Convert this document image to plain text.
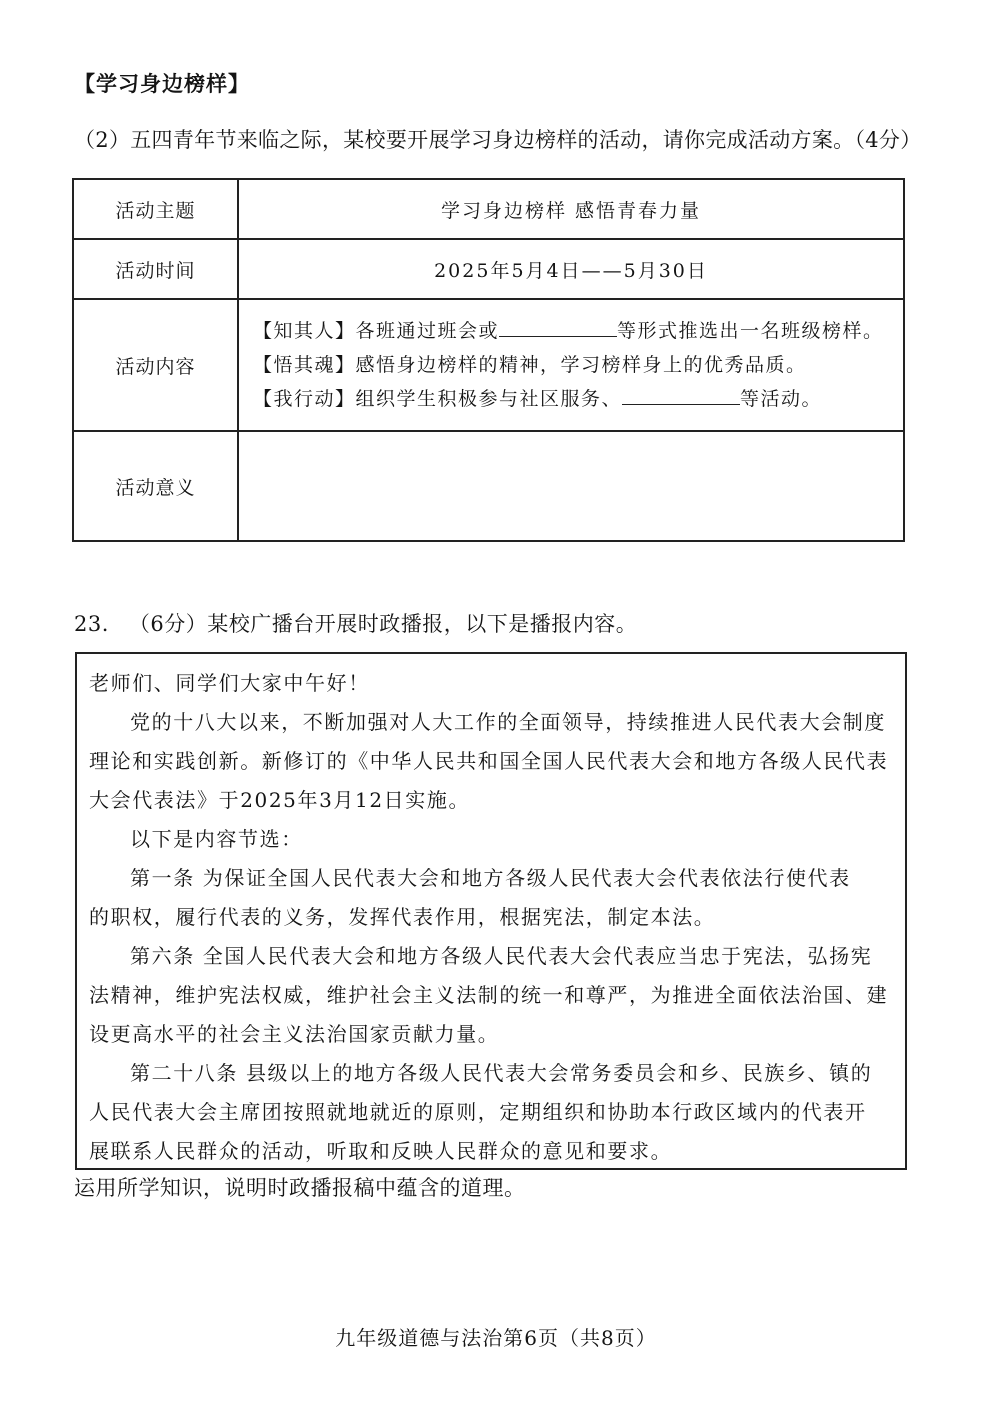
【学习身边榜样】
（2）五四青年节来临之际，某校要开展学习身边榜样的活动，请你完成活动方案。（4分）
活动主题	学习身边榜样 感悟青春力量
活动时间	2025年5月4日——5月30日
活动内容	【知其人】各班通过班会或 等形式推选出一名班级榜样。
【悟其魂】感悟身边榜样的精神，学习榜样身上的优秀品质。
【我行动】组织学生积极参与社区服务、 等活动。

活动意义	
23. （6分）某校广播台开展时政播报，以下是播报内容。
老师们、同学们大家中午好！
党的十八大以来，不断加强对人大工作的全面领导，持续推进人民代表大会制度
理论和实践创新。新修订的《中华人民共和国全国人民代表大会和地方各级人民代表
大会代表法》于2025年3月12日实施。
以下是内容节选：
第一条 为保证全国人民代表大会和地方各级人民代表大会代表依法行使代表
的职权，履行代表的义务，发挥代表作用，根据宪法，制定本法。
第六条 全国人民代表大会和地方各级人民代表大会代表应当忠于宪法，弘扬宪
法精神，维护宪法权威，维护社会主义法制的统一和尊严，为推进全面依法治国、建
设更高水平的社会主义法治国家贡献力量。
第二十八条 县级以上的地方各级人民代表大会常务委员会和乡、民族乡、镇的
人民代表大会主席团按照就地就近的原则，定期组织和协助本行政区域内的代表开
展联系人民群众的活动，听取和反映人民群众的意见和要求。
运用所学知识，说明时政播报稿中蕴含的道理。
九年级道德与法治第6页（共8页）
